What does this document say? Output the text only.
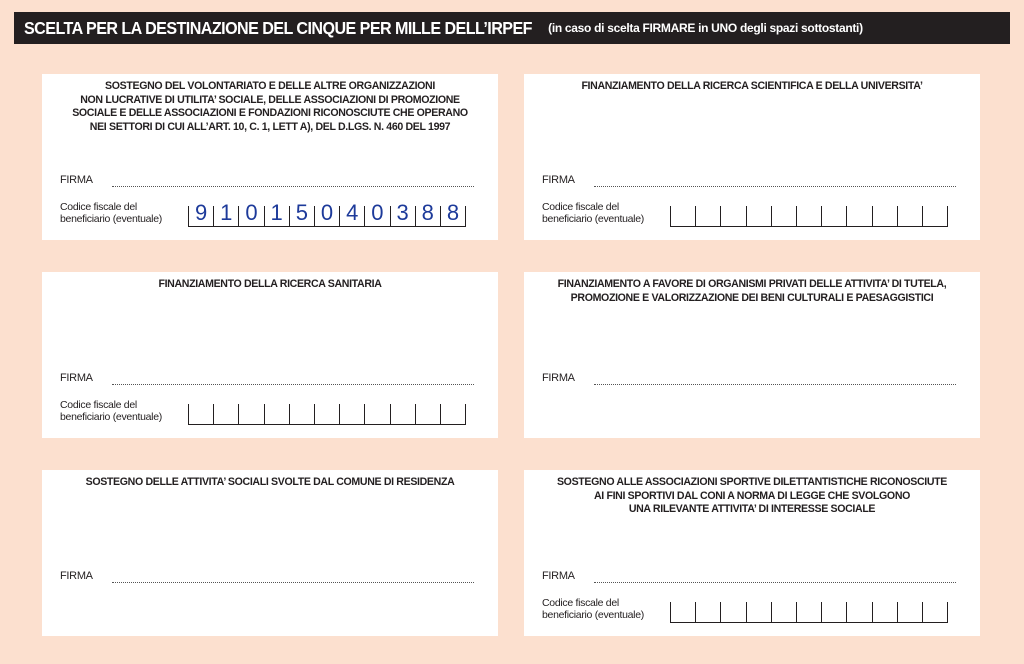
SCELTA PER LA DESTINAZIONE DEL CINQUE PER MILLE DELL’IRPEF (in caso di scelta FIRMARE in UNO degli spazi sottostanti)
SOSTEGNO DEL VOLONTARIATO E DELLE ALTRE ORGANIZZAZIONI
NON LUCRATIVE DI UTILITA’ SOCIALE, DELLE ASSOCIAZIONI DI PROMOZIONE
SOCIALE E DELLE ASSOCIAZIONI E FONDAZIONI RICONOSCIUTE CHE OPERANO
NEI SETTORI DI CUI ALL’ART. 10, C. 1, LETT A), DEL D.LGS. N. 460 DEL 1997
FIRMA
Codice fiscale del
beneficiario (eventuale) 9 1 0 1 5 0 4 0 3 8 8
FINANZIAMENTO DELLA RICERCA SCIENTIFICA E DELLA UNIVERSITA’
FIRMA
Codice fiscale del
beneficiario (eventuale)
FINANZIAMENTO DELLA RICERCA SANITARIA
FIRMA
Codice fiscale del
beneficiario (eventuale)
FINANZIAMENTO A FAVORE DI ORGANISMI PRIVATI DELLE ATTIVITA’ DI TUTELA,
PROMOZIONE E VALORIZZAZIONE DEI BENI CULTURALI E PAESAGGISTICI
FIRMA
SOSTEGNO DELLE ATTIVITA’ SOCIALI SVOLTE DAL COMUNE DI RESIDENZA
FIRMA
SOSTEGNO ALLE ASSOCIAZIONI SPORTIVE DILETTANTISTICHE RICONOSCIUTE
AI FINI SPORTIVI DAL CONI A NORMA DI LEGGE CHE SVOLGONO
UNA RILEVANTE ATTIVITA’ DI INTERESSE SOCIALE
FIRMA
Codice fiscale del
beneficiario (eventuale)
